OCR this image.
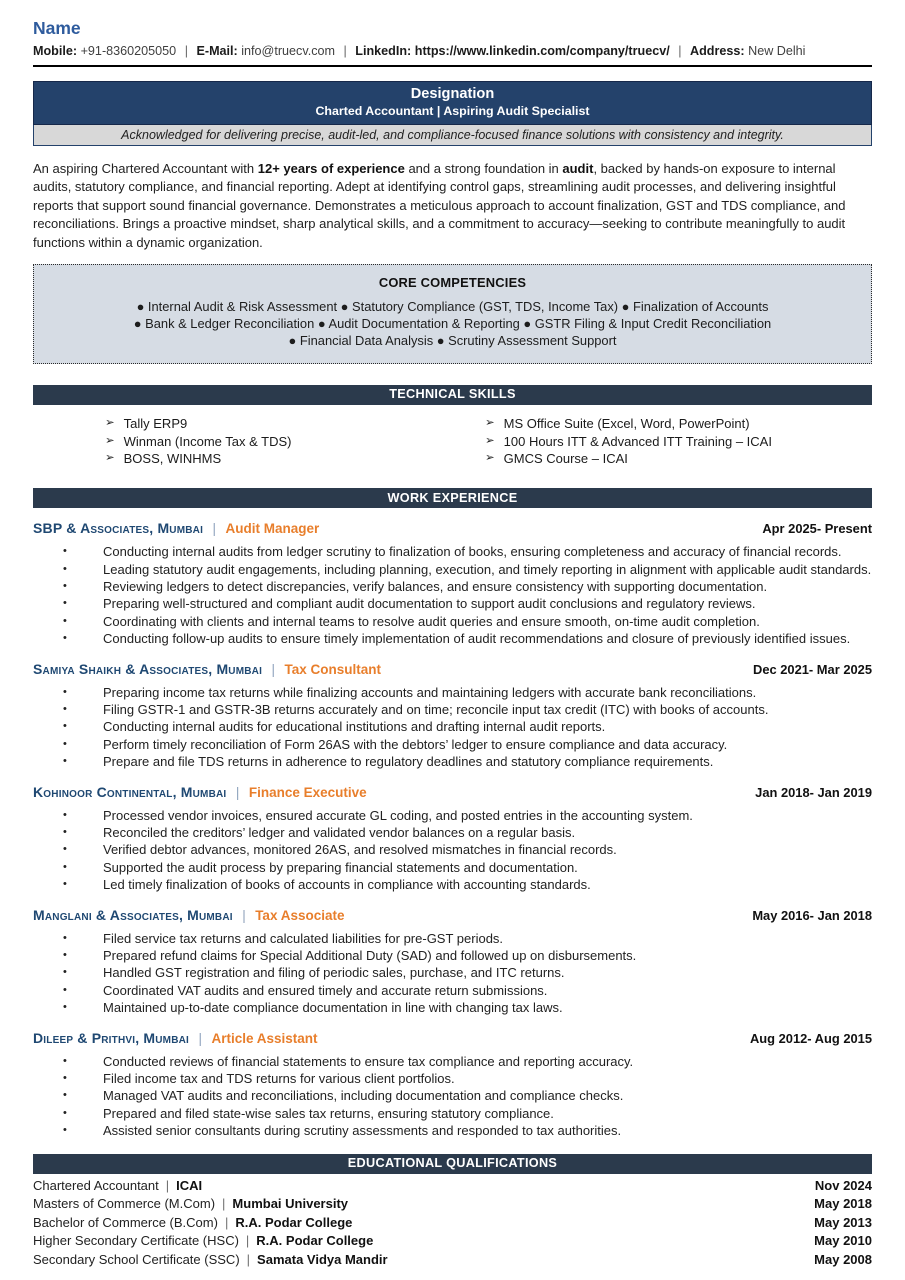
Name
Mobile: +91-8360205050 | E-Mail: info@truecv.com | LinkedIn: https://www.linkedin.com/company/truecv/ | Address: New Delhi
Designation
Charted Accountant | Aspiring Audit Specialist
Acknowledged for delivering precise, audit-led, and compliance-focused finance solutions with consistency and integrity.

An aspiring Chartered Accountant with 12+ years of experience and a strong foundation in audit, backed by hands-on exposure to internal audits, statutory compliance, and financial reporting. Adept at identifying control gaps, streamlining audit processes, and delivering insightful reports that support sound financial governance. Demonstrates a meticulous approach to account finalization, GST and TDS compliance, and reconciliations. Brings a proactive mindset, sharp analytical skills, and a commitment to accuracy—seeking to contribute meaningfully to audit functions within a dynamic organization.

CORE COMPETENCIES
● Internal Audit & Risk Assessment ● Statutory Compliance (GST, TDS, Income Tax) ● Finalization of Accounts
● Bank & Ledger Reconciliation ● Audit Documentation & Reporting ● GSTR Filing & Input Credit Reconciliation
● Financial Data Analysis ● Scrutiny Assessment Support
TECHNICAL SKILLS
➢ Tally ERP9
➢ Winman (Income Tax & TDS)
➢ BOSS, WINHMS
➢ MS Office Suite (Excel, Word, PowerPoint)
➢ 100 Hours ITT & Advanced ITT Training – ICAI
➢ GMCS Course – ICAI
WORK EXPERIENCE
SBP & Associates, Mumbai | Audit Manager	Apr 2025- Present
•	Conducting internal audits from ledger scrutiny to finalization of books, ensuring completeness and accuracy of financial records.
•	Leading statutory audit engagements, including planning, execution, and timely reporting in alignment with applicable audit standards.
•	Reviewing ledgers to detect discrepancies, verify balances, and ensure consistency with supporting documentation.
•	Preparing well-structured and compliant audit documentation to support audit conclusions and regulatory reviews.
•	Coordinating with clients and internal teams to resolve audit queries and ensure smooth, on-time audit completion.
•	Conducting follow-up audits to ensure timely implementation of audit recommendations and closure of previously identified issues.
Samiya Shaikh & Associates, Mumbai | Tax Consultant	Dec 2021- Mar 2025
•	Preparing income tax returns while finalizing accounts and maintaining ledgers with accurate bank reconciliations.
•	Filing GSTR-1 and GSTR-3B returns accurately and on time; reconcile input tax credit (ITC) with books of accounts.
•	Conducting internal audits for educational institutions and drafting internal audit reports.
•	Perform timely reconciliation of Form 26AS with the debtors’ ledger to ensure compliance and data accuracy.
•	Prepare and file TDS returns in adherence to regulatory deadlines and statutory compliance requirements.
Kohinoor Continental, Mumbai | Finance Executive	Jan 2018- Jan 2019
•	Processed vendor invoices, ensured accurate GL coding, and posted entries in the accounting system.
•	Reconciled the creditors’ ledger and validated vendor balances on a regular basis.
•	Verified debtor advances, monitored 26AS, and resolved mismatches in financial records.
•	Supported the audit process by preparing financial statements and documentation.
•	Led timely finalization of books of accounts in compliance with accounting standards.
Manglani & Associates, Mumbai | Tax Associate	May 2016- Jan 2018
•	Filed service tax returns and calculated liabilities for pre-GST periods.
•	Prepared refund claims for Special Additional Duty (SAD) and followed up on disbursements.
•	Handled GST registration and filing of periodic sales, purchase, and ITC returns.
•	Coordinated VAT audits and ensured timely and accurate return submissions.
•	Maintained up-to-date compliance documentation in line with changing tax laws.
Dileep & Prithvi, Mumbai | Article Assistant	Aug 2012- Aug 2015
•	Conducted reviews of financial statements to ensure tax compliance and reporting accuracy.
•	Filed income tax and TDS returns for various client portfolios.
•	Managed VAT audits and reconciliations, including documentation and compliance checks.
•	Prepared and filed state-wise sales tax returns, ensuring statutory compliance.
•	Assisted senior consultants during scrutiny assessments and responded to tax authorities.
EDUCATIONAL QUALIFICATIONS
Chartered Accountant | ICAI	Nov 2024
Masters of Commerce (M.Com) | Mumbai University	May 2018
Bachelor of Commerce (B.Com) | R.A. Podar College	May 2013
Higher Secondary Certificate (HSC) | R.A. Podar College	May 2010
Secondary School Certificate (SSC) | Samata Vidya Mandir	May 2008
